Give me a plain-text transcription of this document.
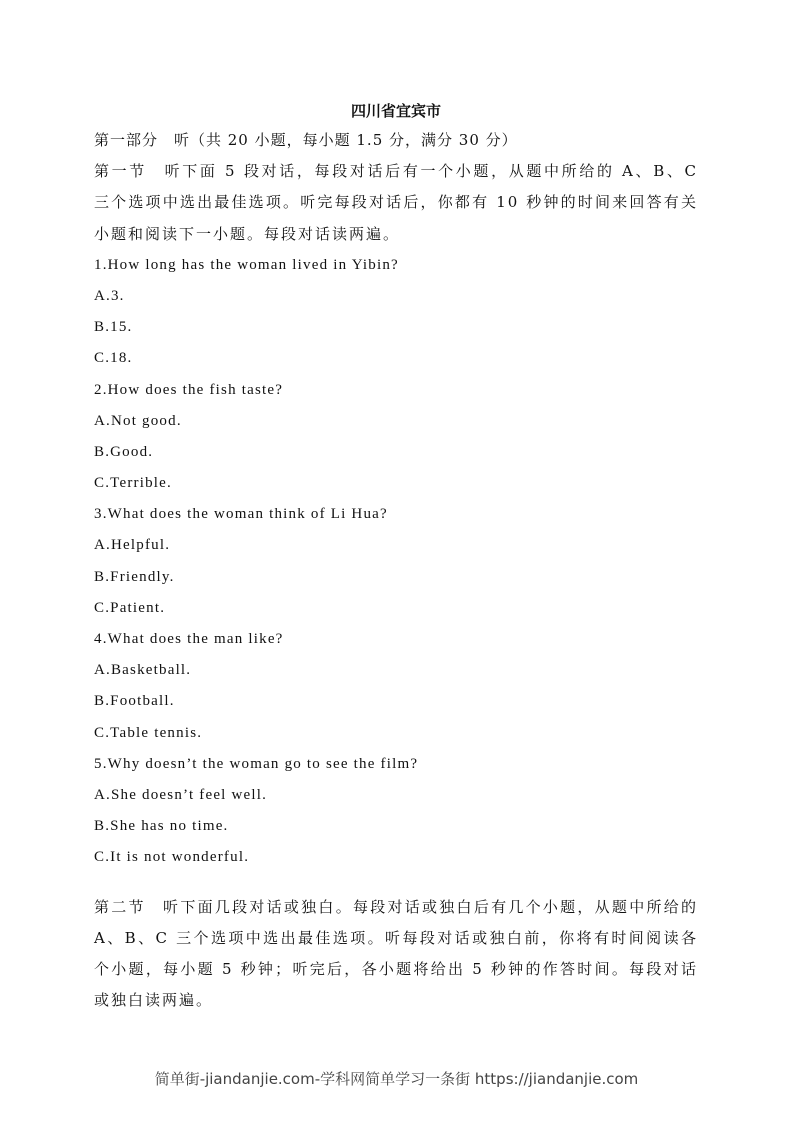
四川省宜宾市
第一部分　听（共 20 小题，每小题 1.5 分，满分 30 分）

第一节　听下面 5 段对话，每段对话后有一个小题，从题中所给的 A、B、C 三个选项中选出最佳选项。听完每段对话后，你都有 10 秒钟的时间来回答有关小题和阅读下一小题。每段对话读两遍。

1.How long has the woman lived in Yibin?
A.3.
B.15.
C.18.
2.How does the fish taste?
A.Not good.
B.Good.
C.Terrible.
3.What does the woman think of Li Hua?
A.Helpful.
B.Friendly.
C.Patient.
4.What does the man like?
A.Basketball.
B.Football.
C.Table tennis.
5.Why doesn’t the woman go to see the film?
A.She doesn’t feel well.
B.She has no time.
C.It is not wonderful.

第二节　听下面几段对话或独白。每段对话或独白后有几个小题，从题中所给的 A、B、C 三个选项中选出最佳选项。听每段对话或独白前，你将有时间阅读各个小题，每小题 5 秒钟；听完后，各小题将给出 5 秒钟的作答时间。每段对话或独白读两遍。

简单街-jiandanjie.com-学科网简单学习一条街 https://jiandanjie.com
